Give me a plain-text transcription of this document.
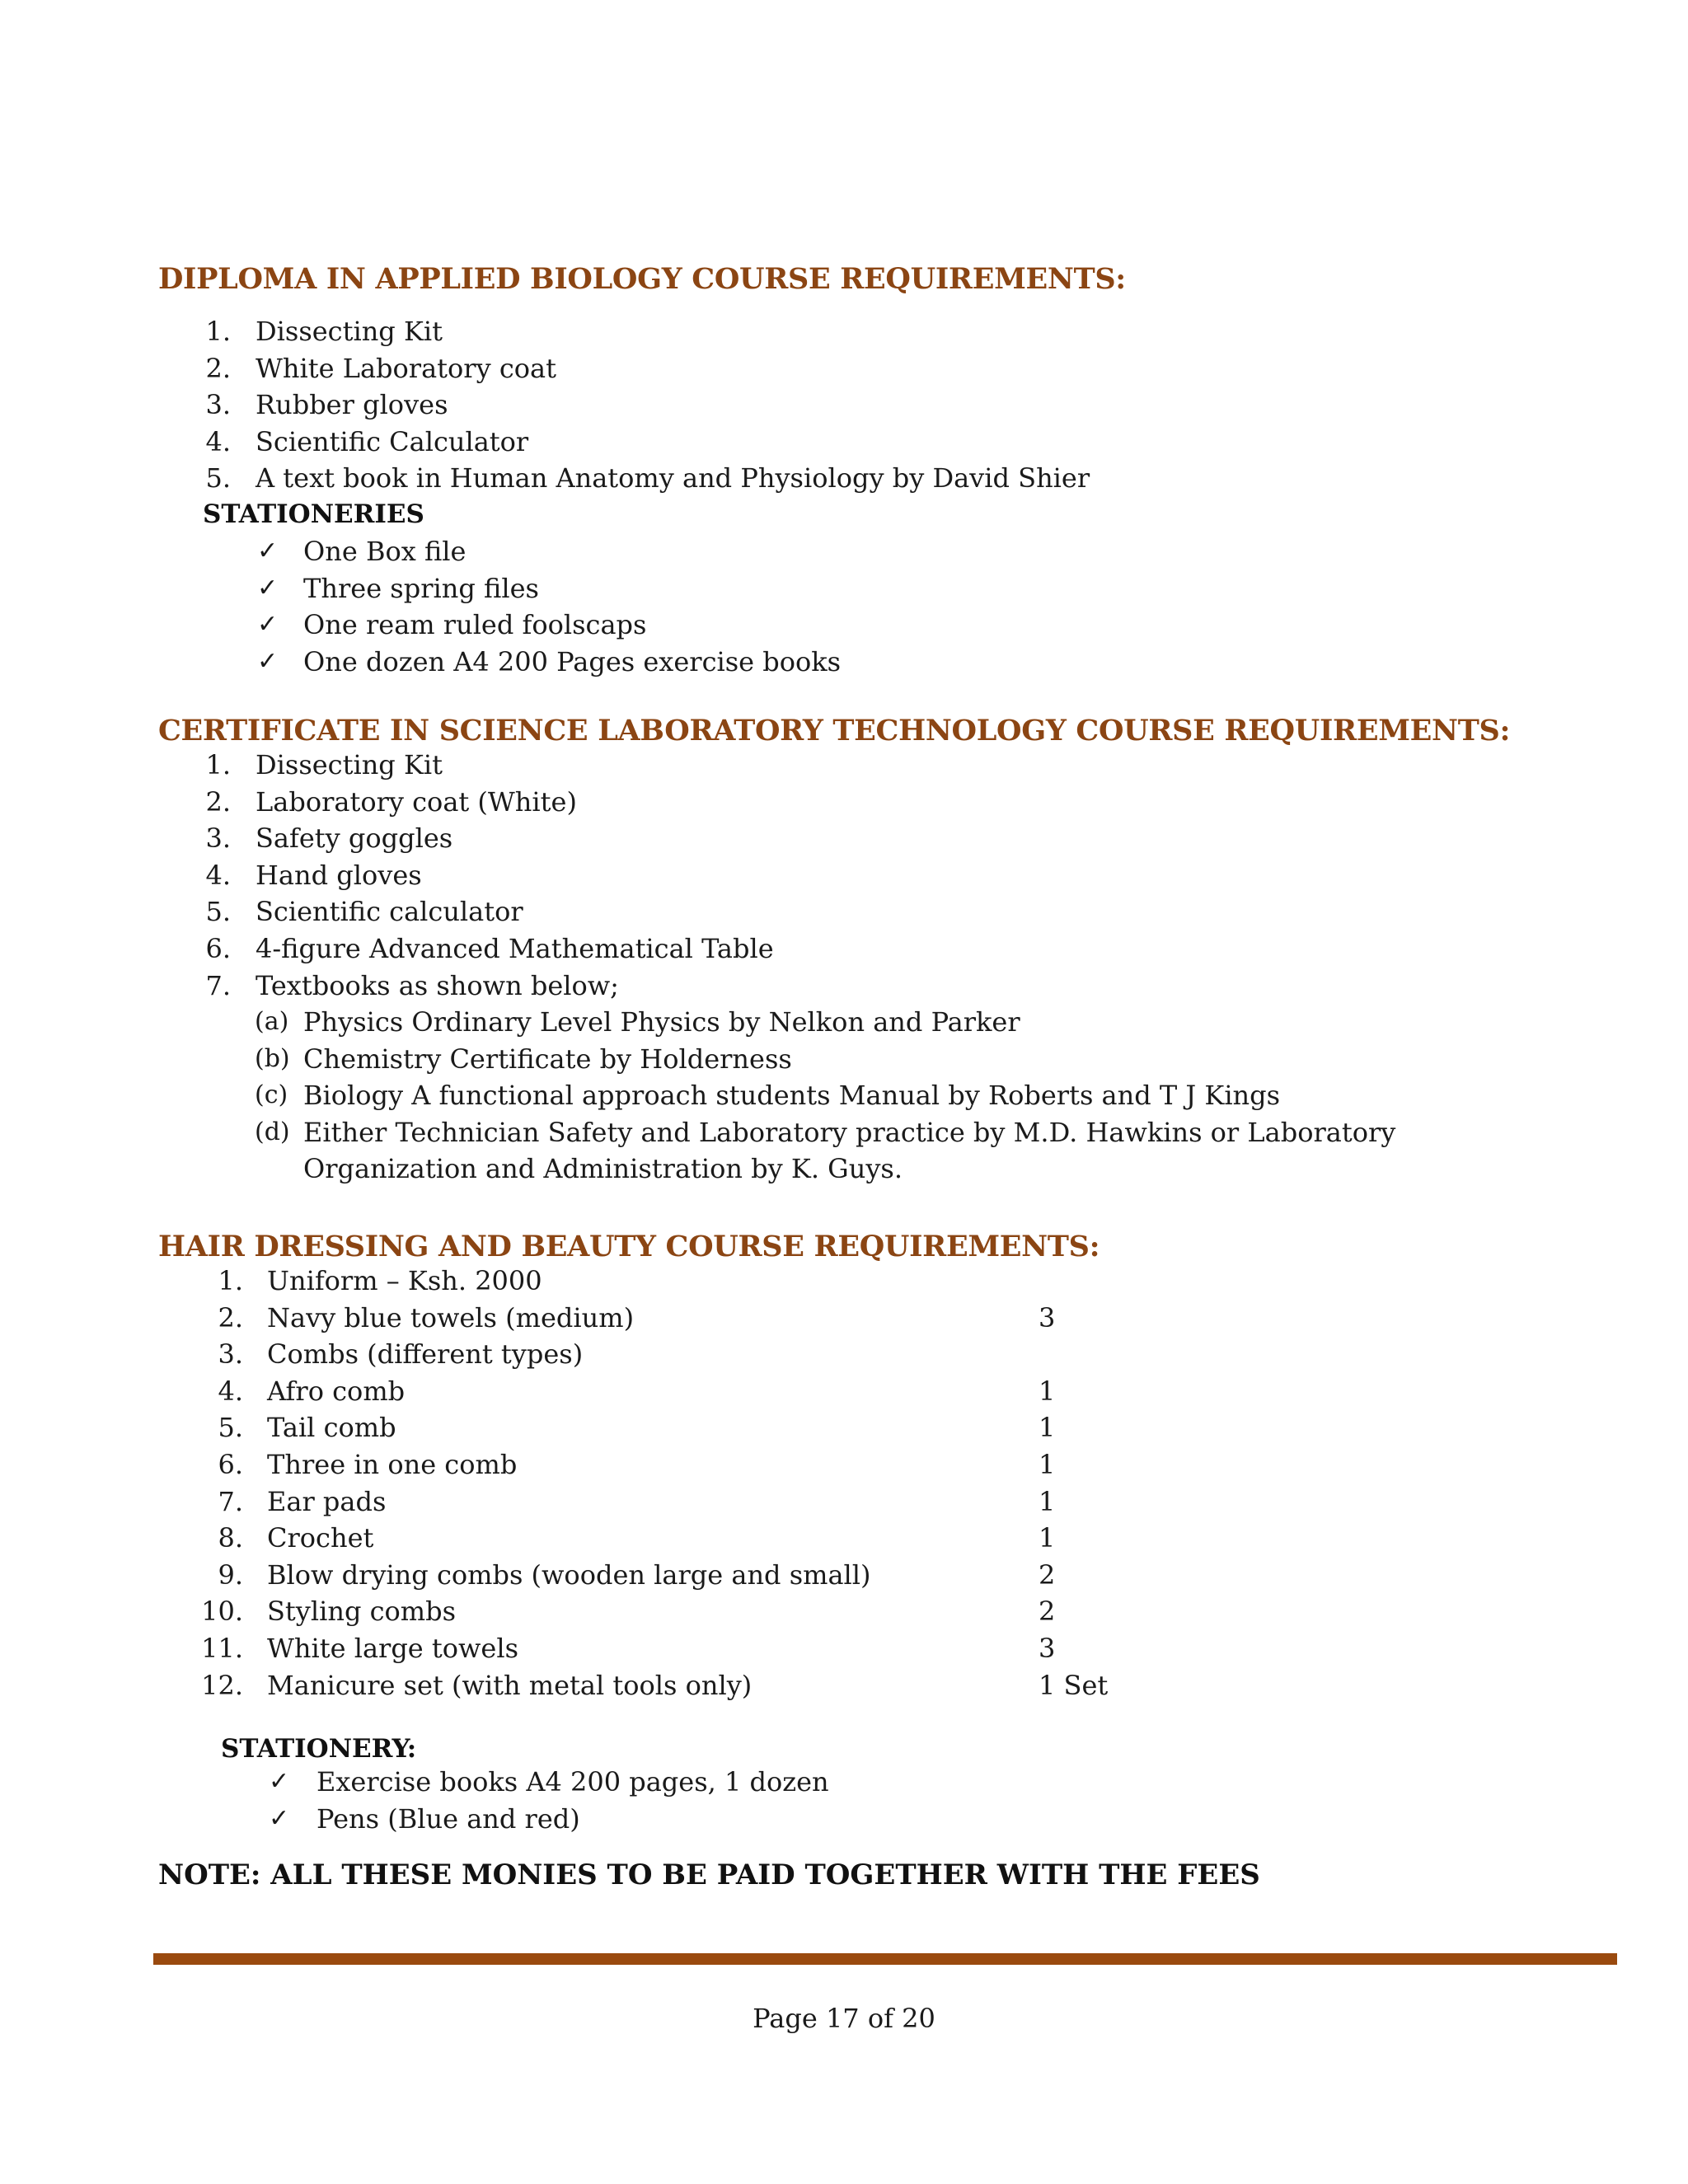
DIPLOMA IN APPLIED BIOLOGY COURSE REQUIREMENTS:
1. Dissecting Kit
2. White Laboratory coat
3. Rubber gloves
4. Scientific Calculator
5. A text book in Human Anatomy and Physiology by David Shier
STATIONERIES
✓ One Box file
✓ Three spring files
✓ One ream ruled foolscaps
✓ One dozen A4 200 Pages exercise books
CERTIFICATE IN SCIENCE LABORATORY TECHNOLOGY COURSE REQUIREMENTS:
1. Dissecting Kit
2. Laboratory coat (White)
3. Safety goggles
4. Hand gloves
5. Scientific calculator
6. 4-figure Advanced Mathematical Table
7. Textbooks as shown below;
(a) Physics Ordinary Level Physics by Nelkon and Parker
(b) Chemistry Certificate by Holderness
(c) Biology A functional approach students Manual by Roberts and T J Kings
(d) Either Technician Safety and Laboratory practice by M.D. Hawkins or Laboratory
Organization and Administration by K. Guys.
HAIR DRESSING AND BEAUTY COURSE REQUIREMENTS:
1. Uniform – Ksh. 2000
2. Navy blue towels (medium)	3
3. Combs (different types)
4. Afro comb	1
5. Tail comb	1
6. Three in one comb	1
7. Ear pads	1
8. Crochet	1
9. Blow drying combs (wooden large and small)	2
10. Styling combs	2
11. White large towels	3
12. Manicure set (with metal tools only)	1 Set
STATIONERY:
✓ Exercise books A4 200 pages, 1 dozen
✓ Pens (Blue and red)

NOTE: ALL THESE MONIES TO BE PAID TOGETHER WITH THE FEES

Page 17 of 20
